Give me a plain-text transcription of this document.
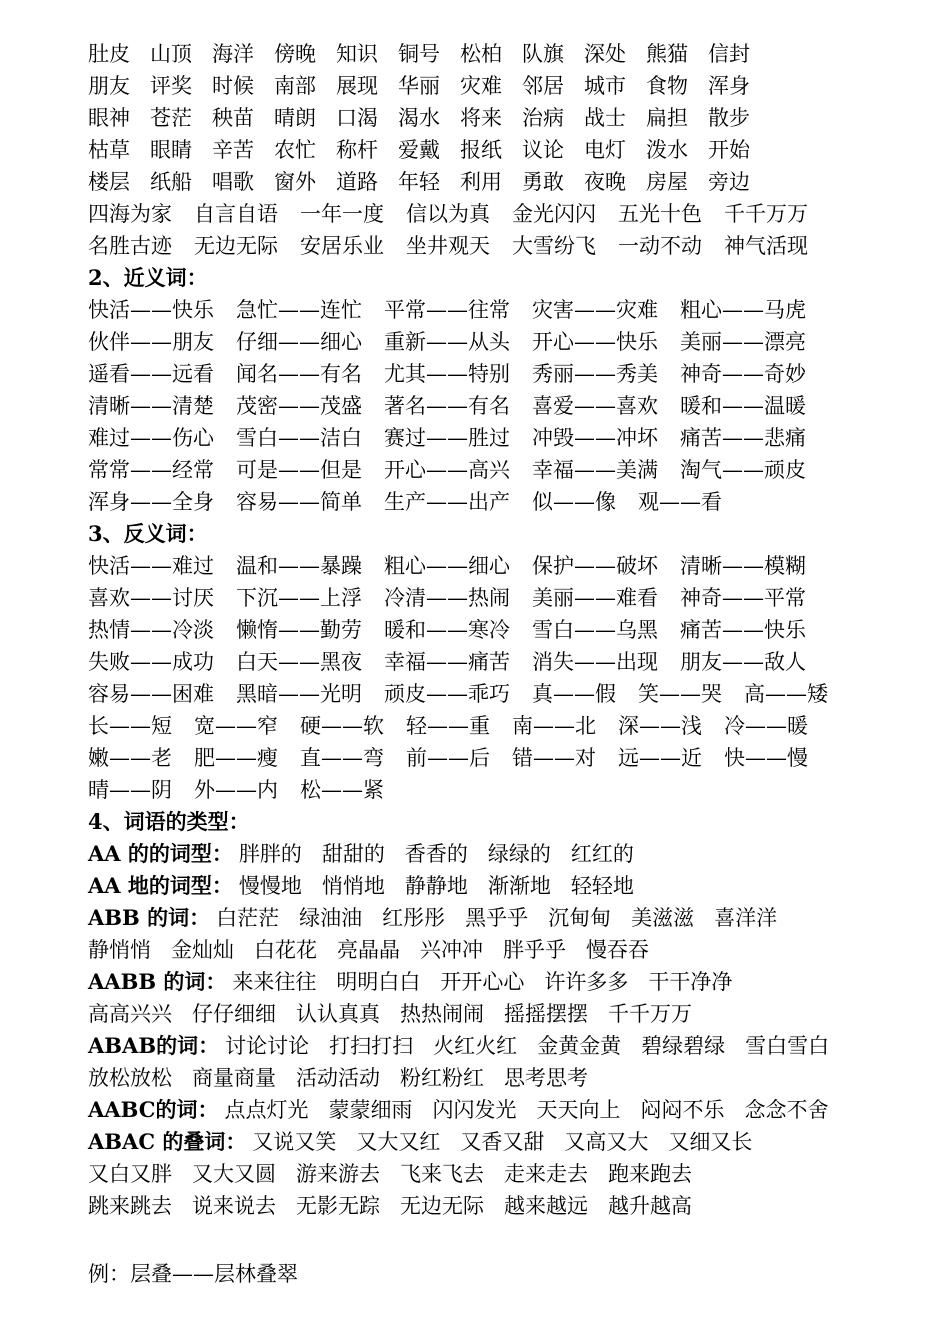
肚皮 山顶 海洋 傍晚 知识 铜号 松柏 队旗 深处 熊猫 信封
朋友 评奖 时候 南部 展现 华丽 灾难 邻居 城市 食物 浑身
眼神 苍茫 秧苗 晴朗 口渴 渴水 将来 治病 战士 扁担 散步
枯草 眼睛 辛苦 农忙 称杆 爱戴 报纸 议论 电灯 泼水 开始
楼层 纸船 唱歌 窗外 道路 年轻 利用 勇敢 夜晚 房屋 旁边
四海为家 自言自语 一年一度 信以为真 金光闪闪 五光十色 千千万万
名胜古迹 无边无际 安居乐业 坐井观天 大雪纷飞 一动不动 神气活现
2、近义词：
快活——快乐 急忙——连忙 平常——往常 灾害——灾难 粗心——马虎
伙伴——朋友 仔细——细心 重新——从头 开心——快乐 美丽——漂亮
遥看——远看 闻名——有名 尤其——特别 秀丽——秀美 神奇——奇妙
清晰——清楚 茂密——茂盛 著名——有名 喜爱——喜欢 暖和——温暖
难过——伤心 雪白——洁白 赛过——胜过 冲毁——冲坏 痛苦——悲痛
常常——经常 可是——但是 开心——高兴 幸福——美满 淘气——顽皮
浑身——全身 容易——简单 生产——出产 似——像 观——看
3、反义词：
快活——难过 温和——暴躁 粗心——细心 保护——破坏 清晰——模糊
喜欢——讨厌 下沉——上浮 冷清——热闹 美丽——难看 神奇——平常
热情——冷淡 懒惰——勤劳 暖和——寒冷 雪白——乌黑 痛苦——快乐
失败——成功 白天——黑夜 幸福——痛苦 消失——出现 朋友——敌人
容易——困难 黑暗——光明 顽皮——乖巧 真——假 笑——哭 高——矮
长——短 宽——窄 硬——软 轻——重 南——北 深——浅 冷——暖
嫩——老 肥——瘦 直——弯 前——后 错——对 远——近 快——慢
晴——阴 外——内 松——紧
4、词语的类型：
AA 的的词型： 胖胖的 甜甜的 香香的 绿绿的 红红的
AA 地的词型： 慢慢地 悄悄地 静静地 渐渐地 轻轻地
ABB 的词： 白茫茫 绿油油 红彤彤 黑乎乎 沉甸甸 美滋滋 喜洋洋
静悄悄 金灿灿 白花花 亮晶晶 兴冲冲 胖乎乎 慢吞吞
AABB 的词： 来来往往 明明白白 开开心心 许许多多 干干净净
高高兴兴 仔仔细细 认认真真 热热闹闹 摇摇摆摆 千千万万
ABAB的词： 讨论讨论 打扫打扫 火红火红 金黄金黄 碧绿碧绿 雪白雪白
放松放松 商量商量 活动活动 粉红粉红 思考思考
AABC的词： 点点灯光 蒙蒙细雨 闪闪发光 天天向上 闷闷不乐 念念不舍
ABAC 的叠词： 又说又笑 又大又红 又香又甜 又高又大 又细又长
又白又胖 又大又圆 游来游去 飞来飞去 走来走去 跑来跑去
跳来跳去 说来说去 无影无踪 无边无际 越来越远 越升越高
例：层叠——层林叠翠
